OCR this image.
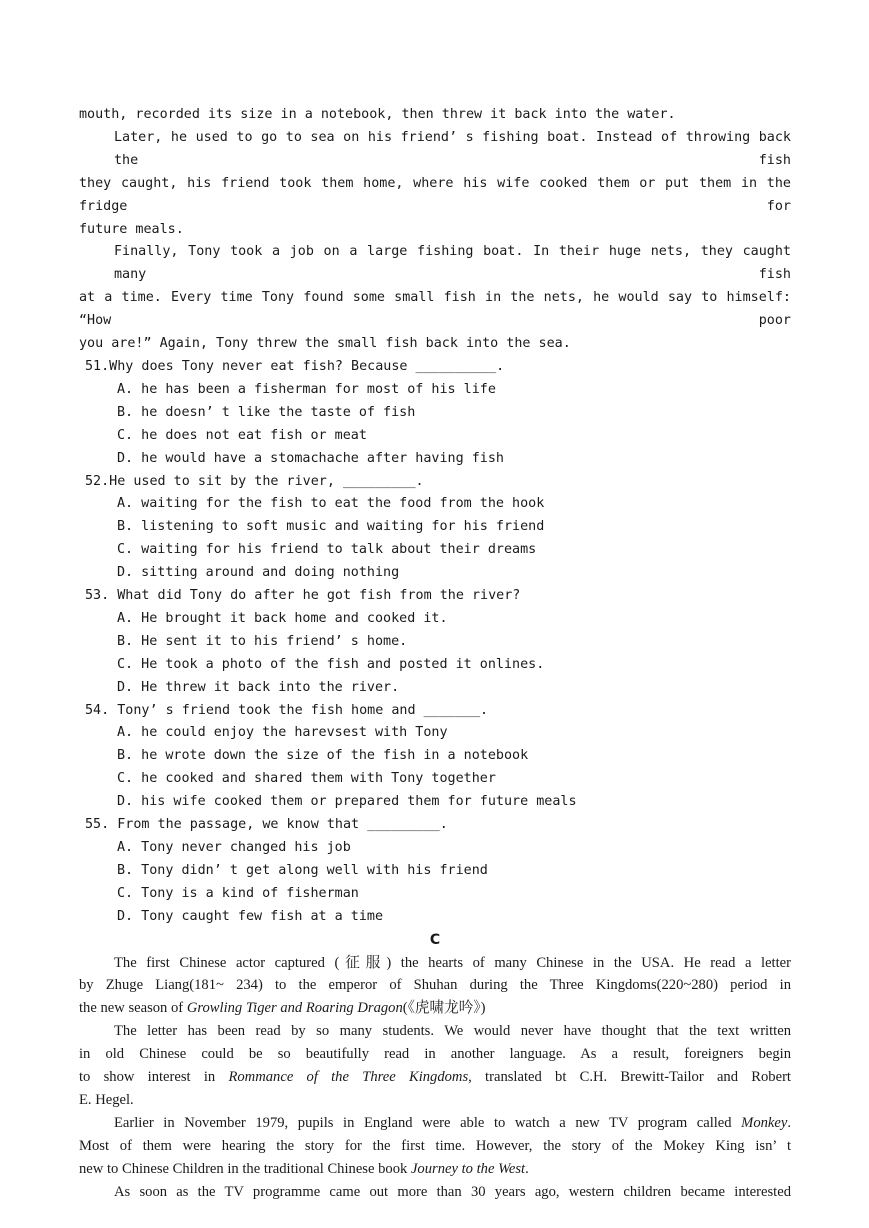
mouth, recorded its size in a notebook, then threw it back into the water.

Later, he used to go to sea on his friend’ s fishing boat. Instead of throwing back the fish

they caught, his friend took them home, where his wife cooked them or put them in the fridge for

future meals.

Finally, Tony took a job on a large fishing boat. In their huge nets, they caught many fish

at a time. Every time Tony found some small fish in the nets, he would say to himself: “How poor

you are!” Again, Tony threw the small fish back into the sea.

51.Why does Tony never eat fish? Because __________.

A. he has been a fisherman for most of his life

B. he doesn’ t like the taste of fish

C. he does not eat fish or meat

D. he would have a stomachache after having fish

52.He used to sit by the river, _________.

A. waiting for the fish to eat the food from the hook

B. listening to soft music and waiting for his friend

C. waiting for his friend to talk about their dreams

D. sitting around and doing nothing

53. What did Tony do after he got fish from the river?

A. He brought it back home and cooked it.

B. He sent it to his friend’ s home.

C. He took a photo of the fish and posted it onlines.

D. He threw it back into the river.

54. Tony’ s friend took the fish home and _______.

A. he could enjoy the harevsest with Tony

B. he wrote down the size of the fish in a notebook

C. he cooked and shared them with Tony together

D. his wife cooked them or prepared them for future meals

55. From the passage, we know that _________.

A. Tony never changed his job

B. Tony didn’ t get along well with his friend

C. Tony is a kind of fisherman

D. Tony caught few fish at a time

C

The first Chinese actor captured (征服) the hearts of many Chinese in the USA. He read a letter

by Zhuge Liang(181~ 234) to the emperor of Shuhan during the Three Kingdoms(220~280) period in

the new season of Growling Tiger and Roaring Dragon(《虎啸龙吟》)

The letter has been read by so many students. We would never have thought that the text written

in old Chinese could be so beautifully read in another language. As a result, foreigners begin

to show interest in Rommance of the Three Kingdoms, translated bt C.H. Brewitt-Tailor and Robert

E. Hegel.

Earlier in November 1979, pupils in England were able to watch a new TV program called Monkey.

Most of them were hearing the story for the first time. However, the story of the Mokey King isn’ t

new to Chinese Children in the traditional Chinese book Journey to the West.

As soon as the TV programme came out more than 30 years ago, western children became interested
